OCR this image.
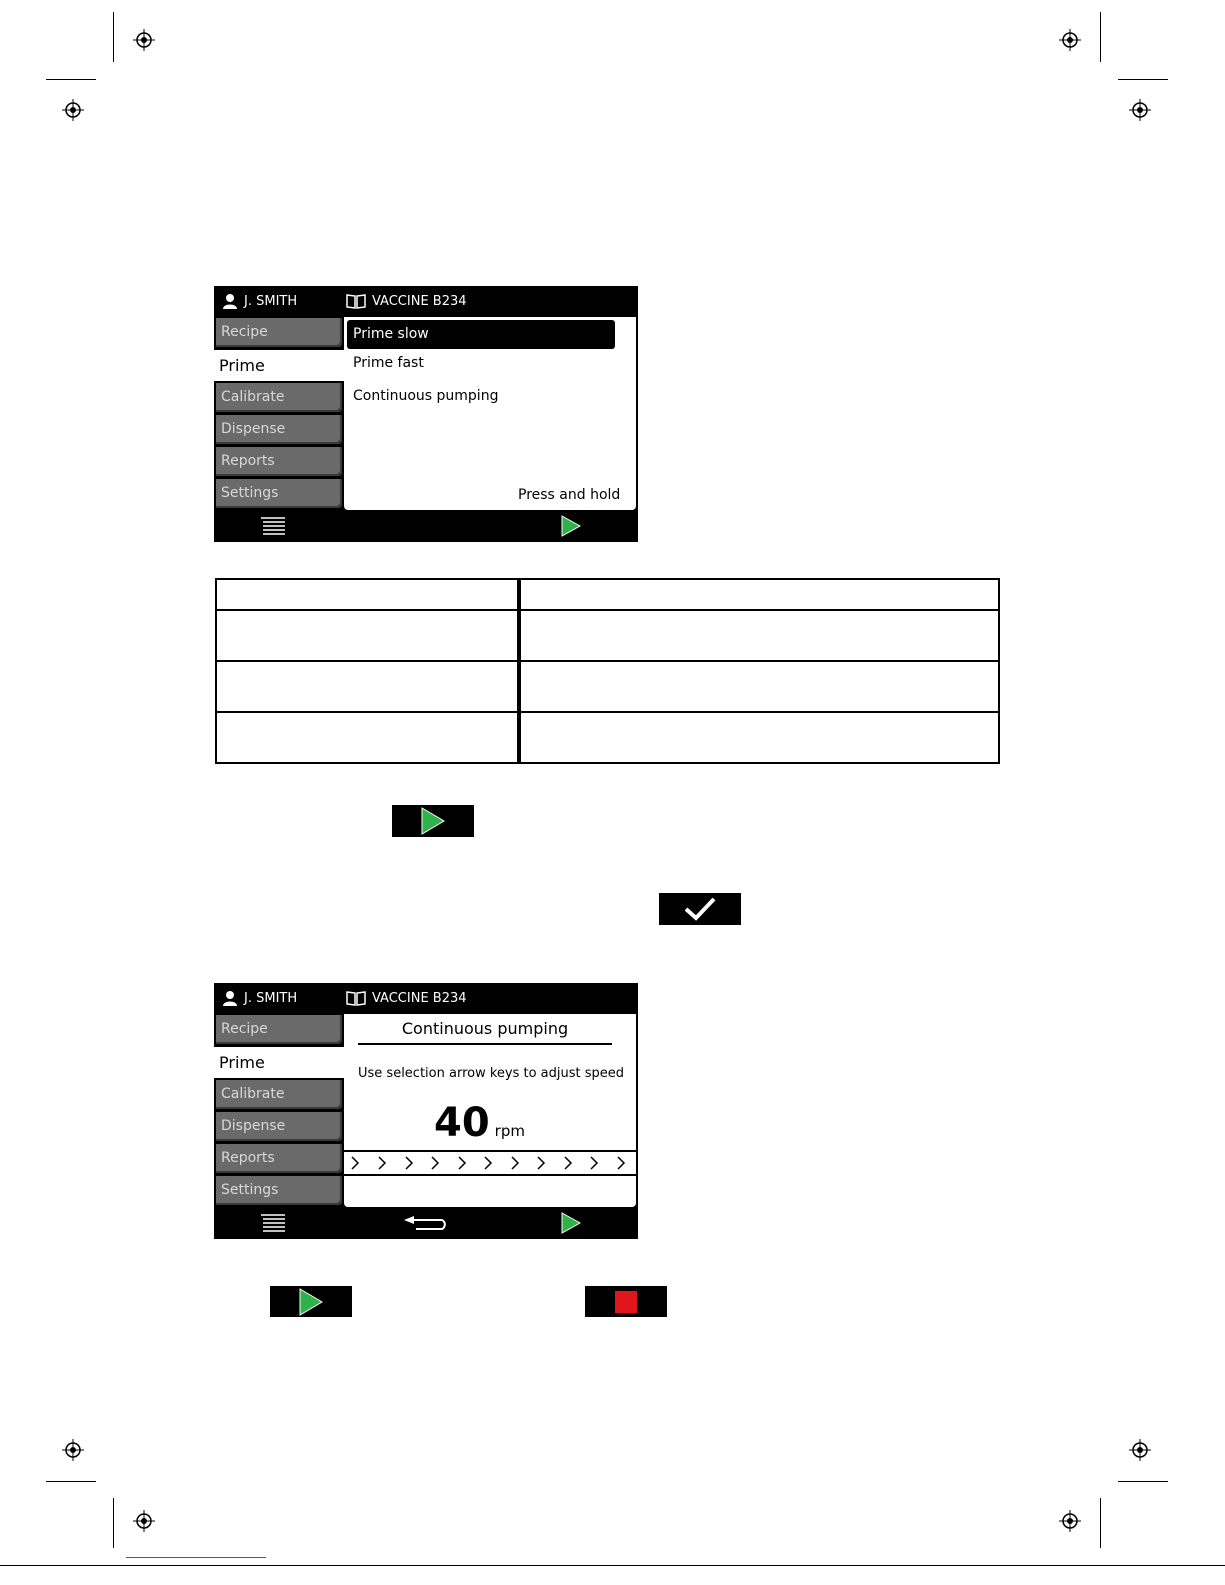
J. SMITH	VACCINE B234
Recipe
Prime
Calibrate
Dispense
Reports
Settings
Prime slow
Prime fast
Continuous pumping
Press and hold

J. SMITH	VACCINE B234
Recipe
Prime
Calibrate
Dispense
Reports
Settings
Continuous pumping
Use selection arrow keys to adjust speed
40 rpm
